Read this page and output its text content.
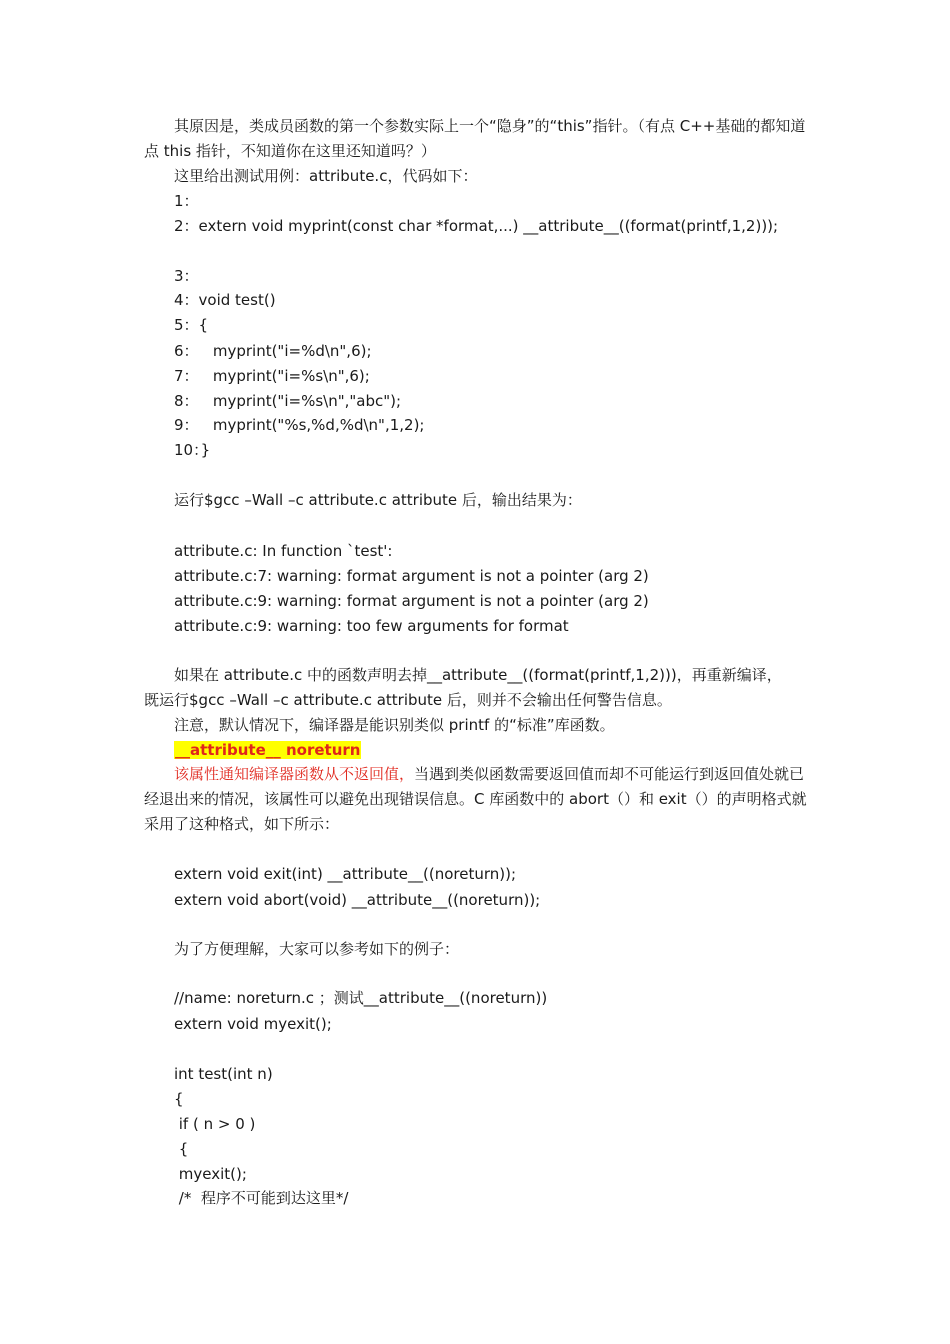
其原因是，类成员函数的第一个参数实际上一个“隐身”的“this”指针。（有点 C++基础的都知道
点 this 指针，不知道你在这里还知道吗？）
这里给出测试用例：attribute.c，代码如下：
1：
2：extern void myprint(const char *format,...) __attribute__((format(printf,1,2)));
3：
4：void test()
5：{
6：   myprint("i=%d\n",6);
7：   myprint("i=%s\n",6);
8：   myprint("i=%s\n","abc");
9：   myprint("%s,%d,%d\n",1,2);
10：}
运行$gcc –Wall –c attribute.c attribute 后，输出结果为：
attribute.c: In function `test':
attribute.c:7: warning: format argument is not a pointer (arg 2)
attribute.c:9: warning: format argument is not a pointer (arg 2)
attribute.c:9: warning: too few arguments for format
如果在 attribute.c 中的函数声明去掉__attribute__((format(printf,1,2)))，再重新编译，
既运行$gcc –Wall –c attribute.c attribute 后，则并不会输出任何警告信息。
注意，默认情况下，编译器是能识别类似 printf 的“标准”库函数。
__attribute__ noreturn
该属性通知编译器函数从不返回值，当遇到类似函数需要返回值而却不可能运行到返回值处就已
经退出来的情况，该属性可以避免出现错误信息。C 库函数中的 abort（）和 exit（）的声明格式就
采用了这种格式，如下所示：
extern void exit(int) __attribute__((noreturn));
extern void abort(void) __attribute__((noreturn));
为了方便理解，大家可以参考如下的例子：
//name: noreturn.c ；测试__attribute__((noreturn))
extern void myexit();
int test(int n)
{
if ( n > 0 )
{
myexit();
/*  程序不可能到达这里*/
